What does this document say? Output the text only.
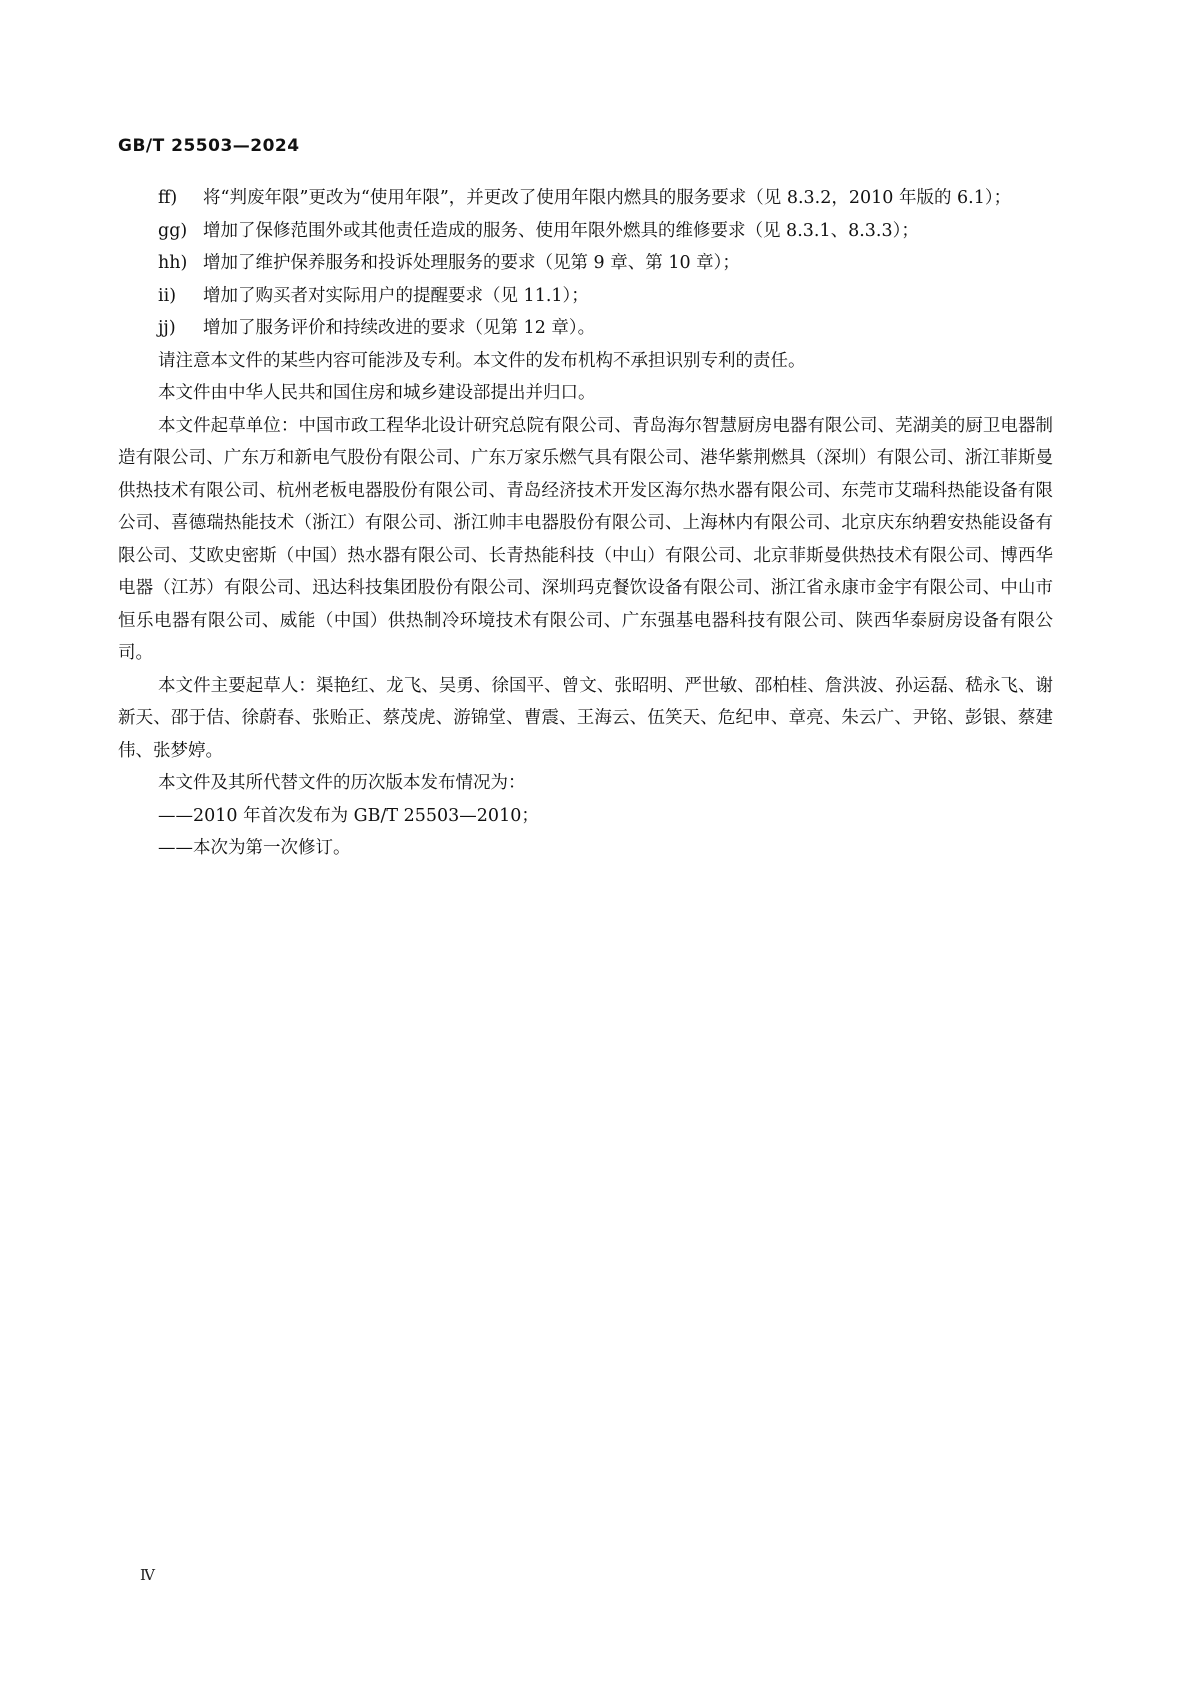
GB/T 25503—2024
ff)	将“判废年限”更改为“使用年限”，并更改了使用年限内燃具的服务要求（见 8.3.2，2010 年版的 6.1）；
gg) 增加了保修范围外或其他责任造成的服务、使用年限外燃具的维修要求（见 8.3.1、8.3.3）；
hh) 增加了维护保养服务和投诉处理服务的要求（见第 9 章、第 10 章）；
ii)	增加了购买者对实际用户的提醒要求（见 11.1）；
jj)	增加了服务评价和持续改进的要求（见第 12 章）。
请注意本文件的某些内容可能涉及专利。本文件的发布机构不承担识别专利的责任。
本文件由中华人民共和国住房和城乡建设部提出并归口。
本文件起草单位：中国市政工程华北设计研究总院有限公司、青岛海尔智慧厨房电器有限公司、芜湖美的厨卫电器制造有限公司、广东万和新电气股份有限公司、广东万家乐燃气具有限公司、港华紫荆燃具（深圳）有限公司、浙江菲斯曼供热技术有限公司、杭州老板电器股份有限公司、青岛经济技术开发区海尔热水器有限公司、东莞市艾瑞科热能设备有限公司、喜德瑞热能技术（浙江）有限公司、浙江帅丰电器股份有限公司、上海林内有限公司、北京庆东纳碧安热能设备有限公司、艾欧史密斯（中国）热水器有限公司、长青热能科技（中山）有限公司、北京菲斯曼供热技术有限公司、博西华电器（江苏）有限公司、迅达科技集团股份有限公司、深圳玛克餐饮设备有限公司、浙江省永康市金宇有限公司、中山市恒乐电器有限公司、威能（中国）供热制冷环境技术有限公司、广东强基电器科技有限公司、陕西华泰厨房设备有限公司。
本文件主要起草人：渠艳红、龙飞、吴勇、徐国平、曾文、张昭明、严世敏、邵柏桂、詹洪波、孙运磊、嵇永飞、谢新天、邵于佶、徐蔚春、张贻正、蔡茂虎、游锦堂、曹震、王海云、伍笑天、危纪申、章亮、朱云广、尹铭、彭银、蔡建伟、张梦婷。
本文件及其所代替文件的历次版本发布情况为：
——2010 年首次发布为 GB/T 25503—2010；
——本次为第一次修订。
Ⅳ
